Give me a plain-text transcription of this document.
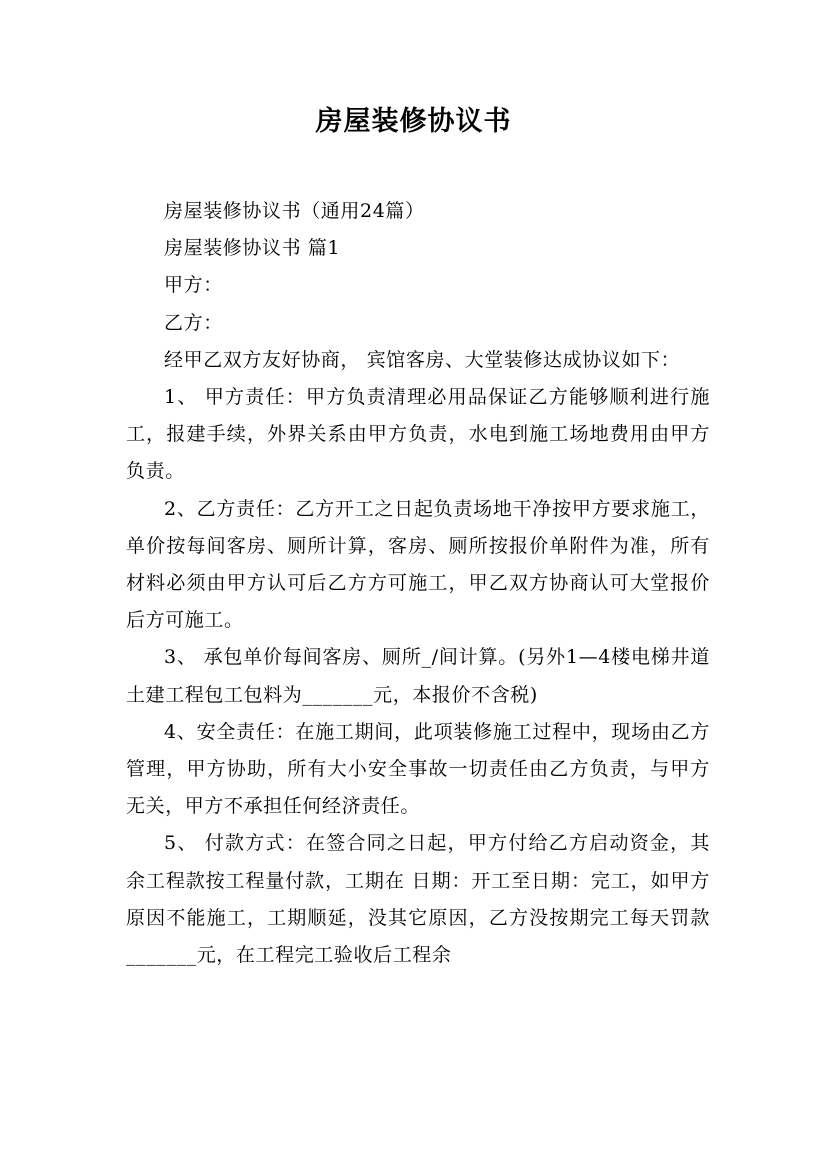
房屋装修协议书

房屋装修协议书（通用24篇）

房屋装修协议书 篇1

甲方：

乙方：

经甲乙双方友好协商， 宾馆客房、大堂装修达成协议如下：

1、 甲方责任：甲方负责清理必用品保证乙方能够顺利进行施工，报建手续，外界关系由甲方负责，水电到施工场地费用由甲方负责。

2、乙方责任：乙方开工之日起负责场地干净按甲方要求施工，单价按每间客房、厕所计算，客房、厕所按报价单附件为准，所有材料必须由甲方认可后乙方方可施工，甲乙双方协商认可大堂报价后方可施工。

3、 承包单价每间客房、厕所_/间计算。(另外1—4楼电梯井道土建工程包工包料为_______元，本报价不含税)

4、安全责任：在施工期间，此项装修施工过程中，现场由乙方管理，甲方协助，所有大小安全事故一切责任由乙方负责，与甲方无关，甲方不承担任何经济责任。

5、 付款方式：在签合同之日起，甲方付给乙方启动资金，其余工程款按工程量付款，工期在 日期：开工至日期：完工，如甲方原因不能施工，工期顺延，没其它原因，乙方没按期完工每天罚款_______元，在工程完工验收后工程余
